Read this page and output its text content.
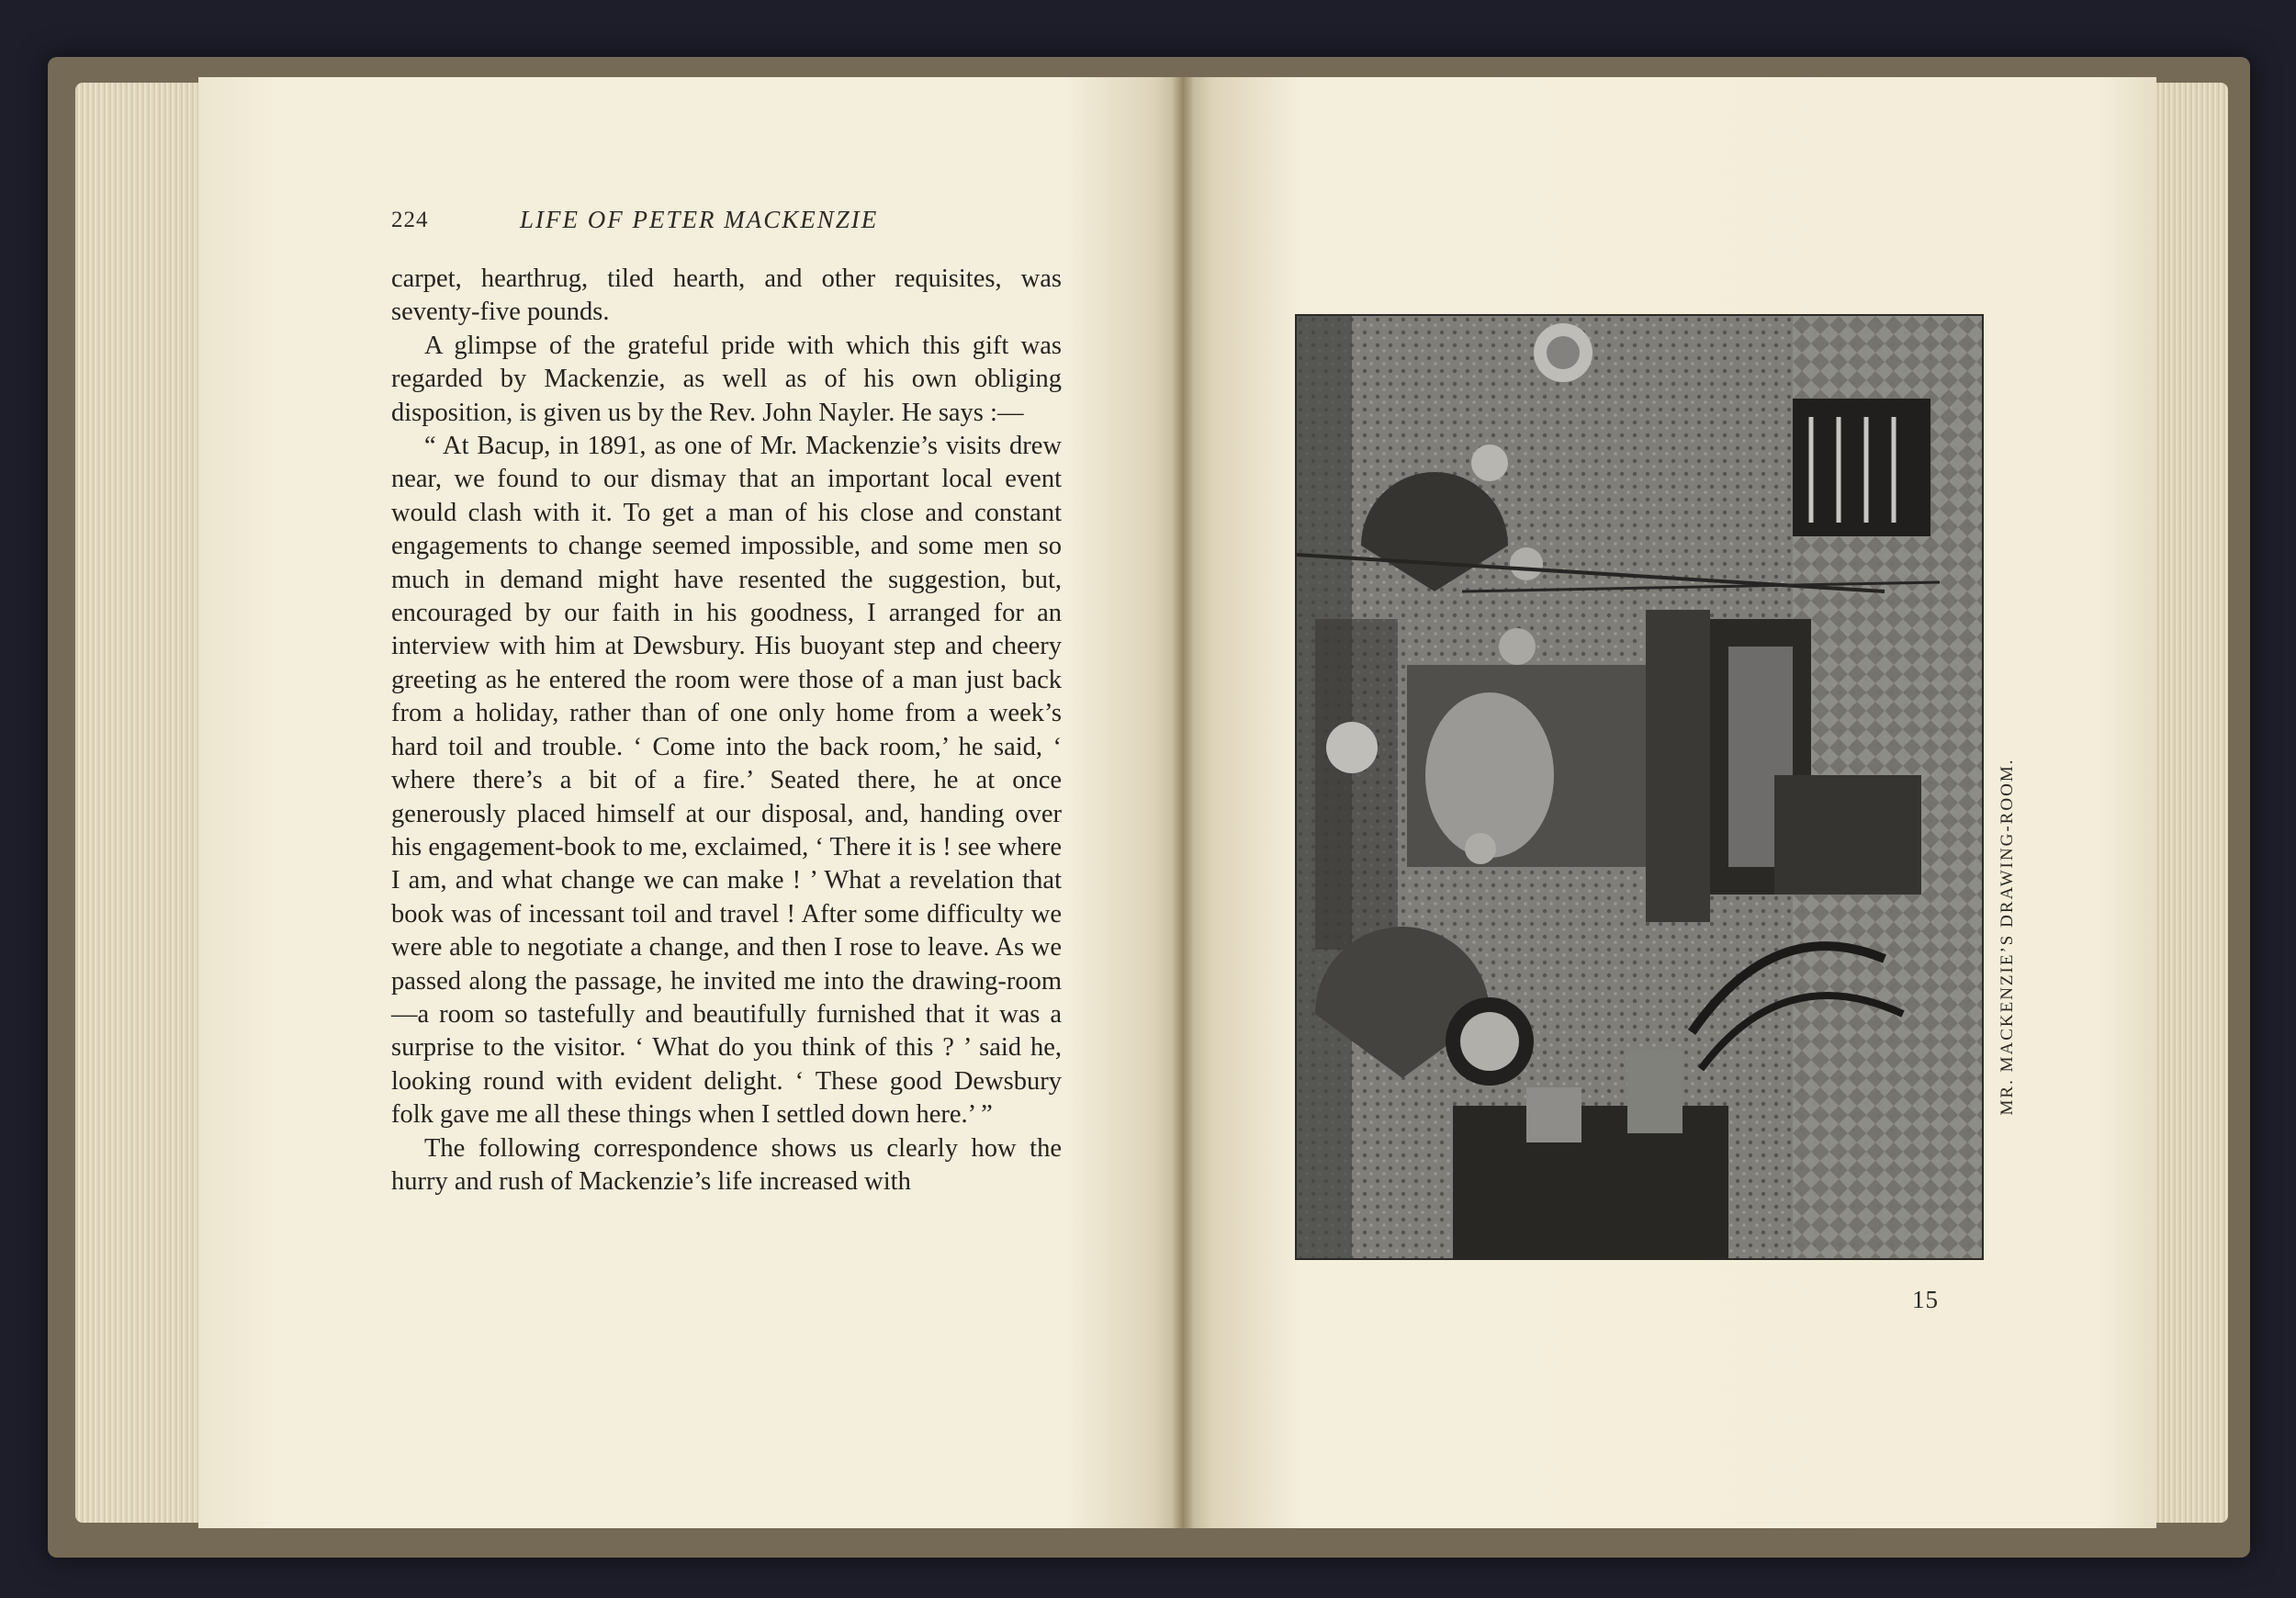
224	LIFE OF PETER MACKENZIE

carpet, hearthrug, tiled hearth, and other requisites, was seventy-five pounds.

A glimpse of the grateful pride with which this gift was regarded by Mackenzie, as well as of his own obliging disposition, is given us by the Rev. John Nayler. He says :—

“ At Bacup, in 1891, as one of Mr. Mackenzie’s visits drew near, we found to our dismay that an important local event would clash with it. To get a man of his close and constant engagements to change seemed impossible, and some men so much in demand might have resented the suggestion, but, encouraged by our faith in his goodness, I arranged for an interview with him at Dewsbury. His buoyant step and cheery greeting as he entered the room were those of a man just back from a holiday, rather than of one only home from a week’s hard toil and trouble. ‘ Come into the back room,’ he said, ‘ where there’s a bit of a fire.’ Seated there, he at once generously placed himself at our disposal, and, handing over his engagement-book to me, exclaimed, ‘ There it is ! see where I am, and what change we can make ! ’ What a revelation that book was of incessant toil and travel ! After some difficulty we were able to negotiate a change, and then I rose to leave. As we passed along the passage, he invited me into the drawing-room—a room so tastefully and beautifully furnished that it was a surprise to the visitor. ‘ What do you think of this ? ’ said he, looking round with evident delight. ‘ These good Dewsbury folk gave me all these things when I settled down here.’ ”

The following correspondence shows us clearly how the hurry and rush of Mackenzie’s life increased with

MR. MACKENZIE’S DRAWING-ROOM.
15
